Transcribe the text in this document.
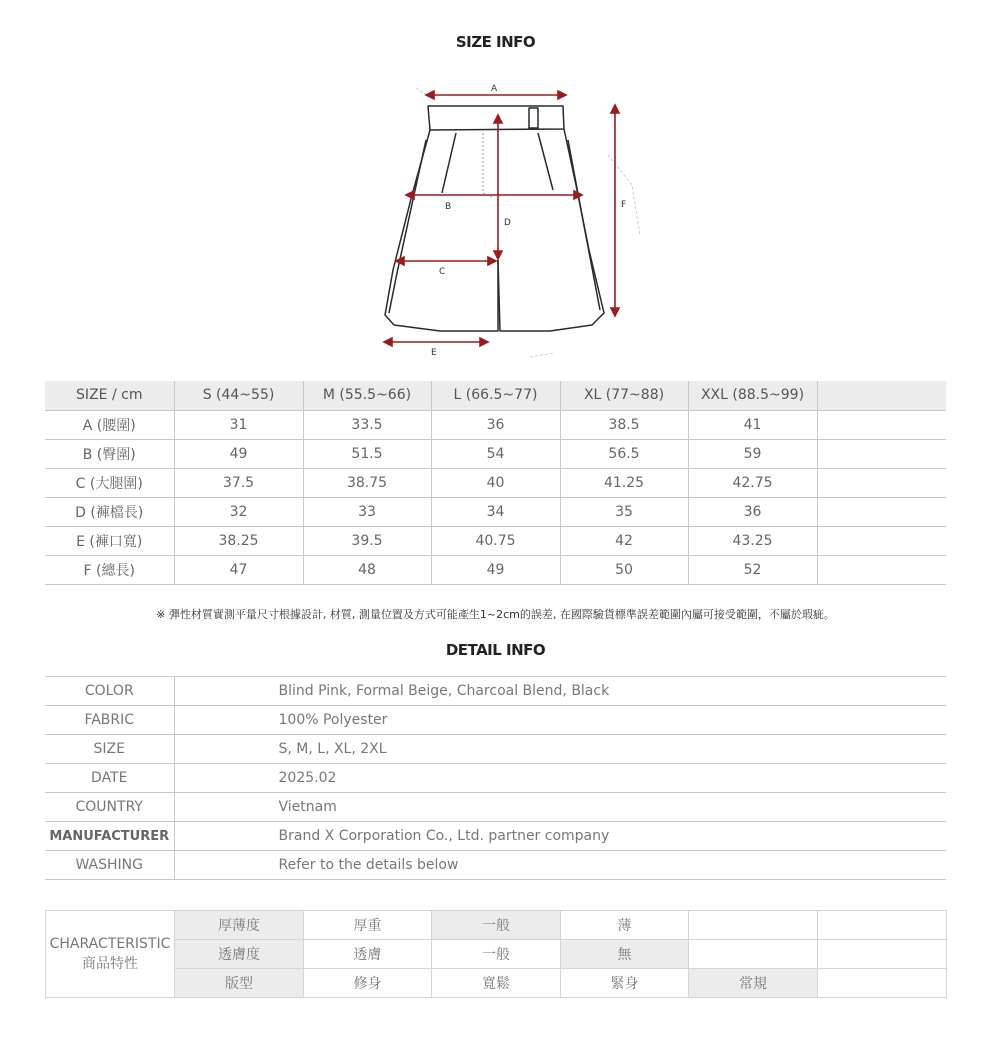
SIZE INFO
A
B
C
D
E
F
SIZE / cm	S (44~55)	M (55.5~66)	L (66.5~77)	XL (77~88)	XXL (88.5~99)	
A (腰圍)	31	33.5	36	38.5	41	
B (臀圍)	49	51.5	54	56.5	59	
C (大腿圍)	37.5	38.75	40	41.25	42.75	
D (褲檔長)	32	33	34	35	36	
E (褲口寬)	38.25	39.5	40.75	42	43.25	
F (總長)	47	48	49	50	52	
※ 彈性材質實測平量尺寸根據設計, 材質, 測量位置及方式可能產生1~2cm的誤差, 在國際驗貨標準誤差範圍內屬可接受範圍，不屬於瑕疵。
DETAIL INFO
COLOR	Blind Pink, Formal Beige, Charcoal Blend, Black
FABRIC	100% Polyester
SIZE	S, M, L, XL, 2XL
DATE	2025.02
COUNTRY	Vietnam
MANUFACTURER	Brand X Corporation Co., Ltd. partner company
WASHING	Refer to the details below
CHARACTERISTIC
商品特性	厚薄度	厚重	一般	薄		
	透膚度	透膚	一般	無		
	版型	修身	寬鬆	緊身	常規	
